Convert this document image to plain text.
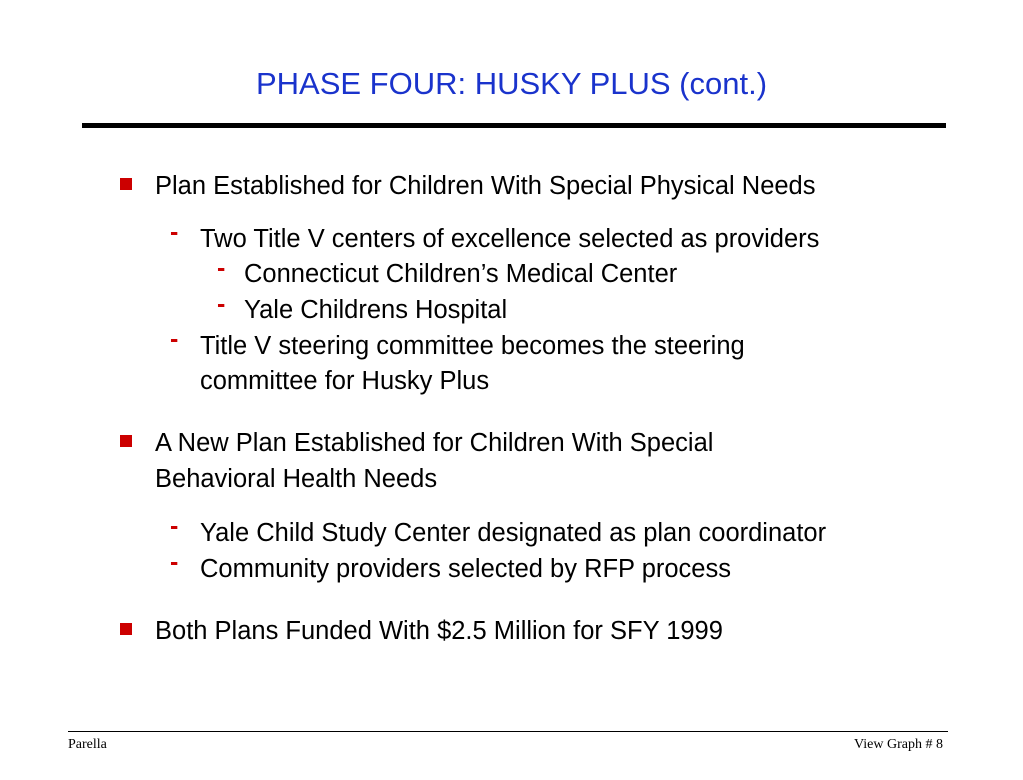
PHASE FOUR: HUSKY PLUS (cont.)
Plan Established for Children With Special Physical Needs
- Two Title V centers of excellence selected as providers
- Connecticut Children’s Medical Center
- Yale Childrens Hospital
- Title V steering committee becomes the steering
committee for Husky Plus
A New Plan Established for Children With Special
Behavioral Health Needs
- Yale Child Study Center designated as plan coordinator
- Community providers selected by RFP process
Both Plans Funded With $2.5 Million for SFY 1999
Parella	View Graph # 8
